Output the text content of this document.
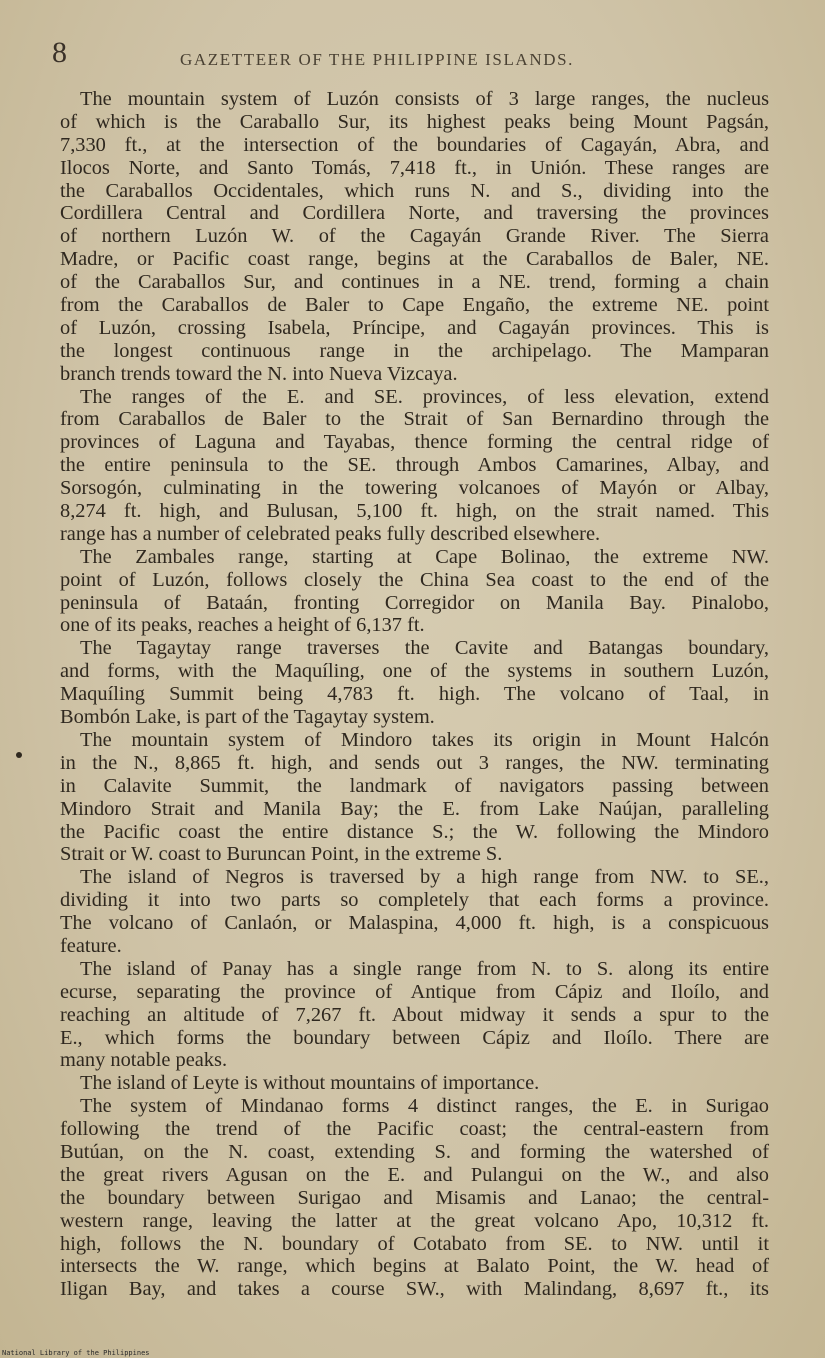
8	GAZETTEER OF THE PHILIPPINE ISLANDS.
The mountain system of Luzón consists of 3 large ranges, the nucleus
of which is the Caraballo Sur, its highest peaks being Mount Pagsán,
7,330 ft., at the intersection of the boundaries of Cagayán, Abra, and
Ilocos Norte, and Santo Tomás, 7,418 ft., in Unión. These ranges are
the Caraballos Occidentales, which runs N. and S., dividing into the
Cordillera Central and Cordillera Norte, and traversing the provinces
of northern Luzón W. of the Cagayán Grande River. The Sierra
Madre, or Pacific coast range, begins at the Caraballos de Baler, NE.
of the Caraballos Sur, and continues in a NE. trend, forming a chain
from the Caraballos de Baler to Cape Engaño, the extreme NE. point
of Luzón, crossing Isabela, Príncipe, and Cagayán provinces. This is
the longest continuous range in the archipelago. The Mamparan
branch trends toward the N. into Nueva Vizcaya.
The ranges of the E. and SE. provinces, of less elevation, extend
from Caraballos de Baler to the Strait of San Bernardino through the
provinces of Laguna and Tayabas, thence forming the central ridge of
the entire peninsula to the SE. through Ambos Camarines, Albay, and
Sorsogón, culminating in the towering volcanoes of Mayón or Albay,
8,274 ft. high, and Bulusan, 5,100 ft. high, on the strait named. This
range has a number of celebrated peaks fully described elsewhere.
The Zambales range, starting at Cape Bolinao, the extreme NW.
point of Luzón, follows closely the China Sea coast to the end of the
peninsula of Bataán, fronting Corregidor on Manila Bay. Pinalobo,
one of its peaks, reaches a height of 6,137 ft.
The Tagaytay range traverses the Cavite and Batangas boundary,
and forms, with the Maquíling, one of the systems in southern Luzón,
Maquíling Summit being 4,783 ft. high. The volcano of Taal, in
Bombón Lake, is part of the Tagaytay system.
The mountain system of Mindoro takes its origin in Mount Halcón
in the N., 8,865 ft. high, and sends out 3 ranges, the NW. terminating
in Calavite Summit, the landmark of navigators passing between
Mindoro Strait and Manila Bay; the E. from Lake Naújan, paralleling
the Pacific coast the entire distance S.; the W. following the Mindoro
Strait or W. coast to Buruncan Point, in the extreme S.
The island of Negros is traversed by a high range from NW. to SE.,
dividing it into two parts so completely that each forms a province.
The volcano of Canlaón, or Malaspina, 4,000 ft. high, is a conspicuous
feature.
The island of Panay has a single range from N. to S. along its entire
ecurse, separating the province of Antique from Cápiz and Iloílo, and
reaching an altitude of 7,267 ft. About midway it sends a spur to the
E., which forms the boundary between Cápiz and Iloílo. There are
many notable peaks.
The island of Leyte is without mountains of importance.
The system of Mindanao forms 4 distinct ranges, the E. in Surigao
following the trend of the Pacific coast; the central-eastern from
Butúan, on the N. coast, extending S. and forming the watershed of
the great rivers Agusan on the E. and Pulangui on the W., and also
the boundary between Surigao and Misamis and Lanao; the central-
western range, leaving the latter at the great volcano Apo, 10,312 ft.
high, follows the N. boundary of Cotabato from SE. to NW. until it
intersects the W. range, which begins at Balato Point, the W. head of
Iligan Bay, and takes a course SW., with Malindang, 8,697 ft., its
National Library of the Philippines
